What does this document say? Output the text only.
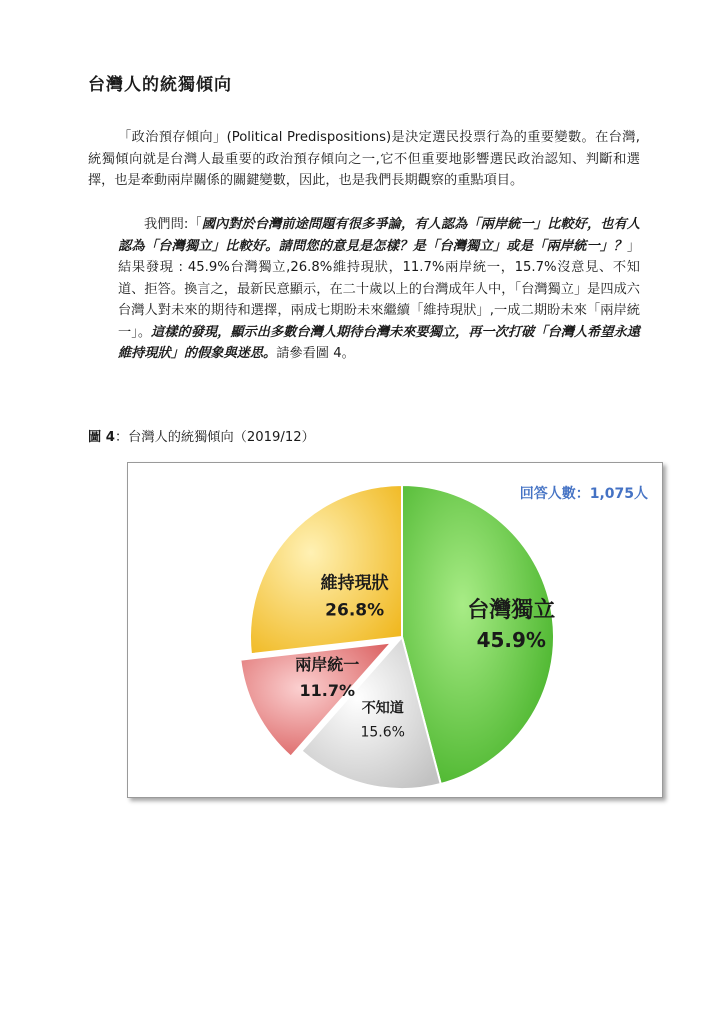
台灣人的統獨傾向

「政治預存傾向」(Political Predispositions)是決定選民投票行為的重要變數。在台灣,統獨傾向就是台灣人最重要的政治預存傾向之一,它不但重要地影響選民政治認知、判斷和選擇，也是牽動兩岸關係的關鍵變數，因此，也是我們長期觀察的重點項目。

我們問:「國內對於台灣前途問題有很多爭論，有人認為「兩岸統一」比較好，也有人認為「台灣獨立」比較好。請問您的意見是怎樣？是「台灣獨立」或是「兩岸統一」？」結果發現 : 45.9%台灣獨立,26.8%維持現狀，11.7%兩岸統一，15.7%沒意見、不知道、拒答。換言之，最新民意顯示，在二十歲以上的台灣成年人中，「台灣獨立」是四成六台灣人對未來的期待和選擇，兩成七期盼未來繼續「維持現狀」,一成二期盼未來「兩岸統一」。這樣的發現，顯示出多數台灣人期待台灣未來要獨立，再一次打破「台灣人希望永遠維持現狀」的假象與迷思。請參看圖 4。

圖 4：台灣人的統獨傾向（2019/12）

台灣獨立
45.9%
不知道
15.6%
兩岸統一
11.7%
維持現狀
26.8%
回答人數：1,075人
